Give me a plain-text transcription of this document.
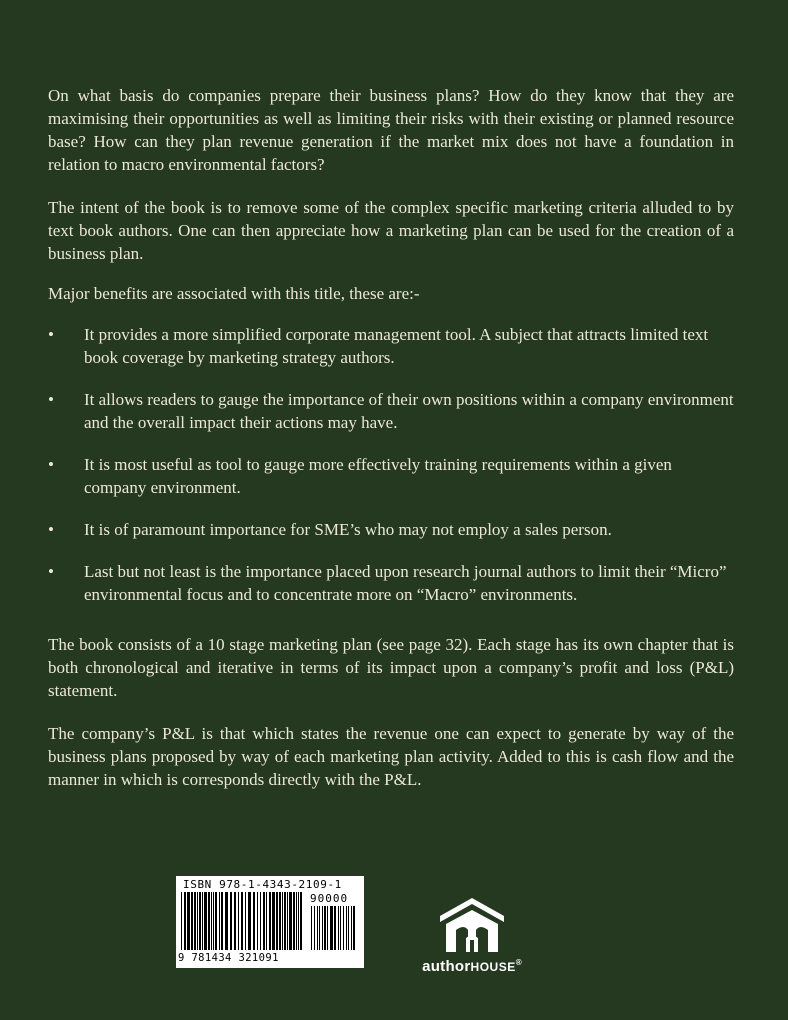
On what basis do companies prepare their business plans? How do they know that they are maximising their opportunities as well as limiting their risks with their existing or planned resource base? How can they plan revenue generation if the market mix does not have a foundation in relation to macro environmental factors?

The intent of the book is to remove some of the complex specific marketing criteria alluded to by text book authors. One can then appreciate how a marketing plan can be used for the creation of a business plan.

Major benefits are associated with this title, these are:-

• It provides a more simplified corporate management tool. A subject that attracts limited text book coverage by marketing strategy authors.
• It allows readers to gauge the importance of their own positions within a company environment and the overall impact their actions may have.
• It is most useful as tool to gauge more effectively training requirements within a given company environment.
• It is of paramount importance for SME’s who may not employ a sales person.
• Last but not least is the importance placed upon research journal authors to limit their “Micro” environmental focus and to concentrate more on “Macro” environments.

The book consists of a 10 stage marketing plan (see page 32). Each stage has its own chapter that is both chronological and iterative in terms of its impact upon a company’s profit and loss (P&L) statement.

The company’s P&L is that which states the revenue one can expect to generate by way of the business plans proposed by way of each marketing plan activity. Added to this is cash flow and the manner in which is corresponds directly with the P&L.

ISBN 978-1-4343-2109-1
90000
9 781434 321091	authorHOUSE®
